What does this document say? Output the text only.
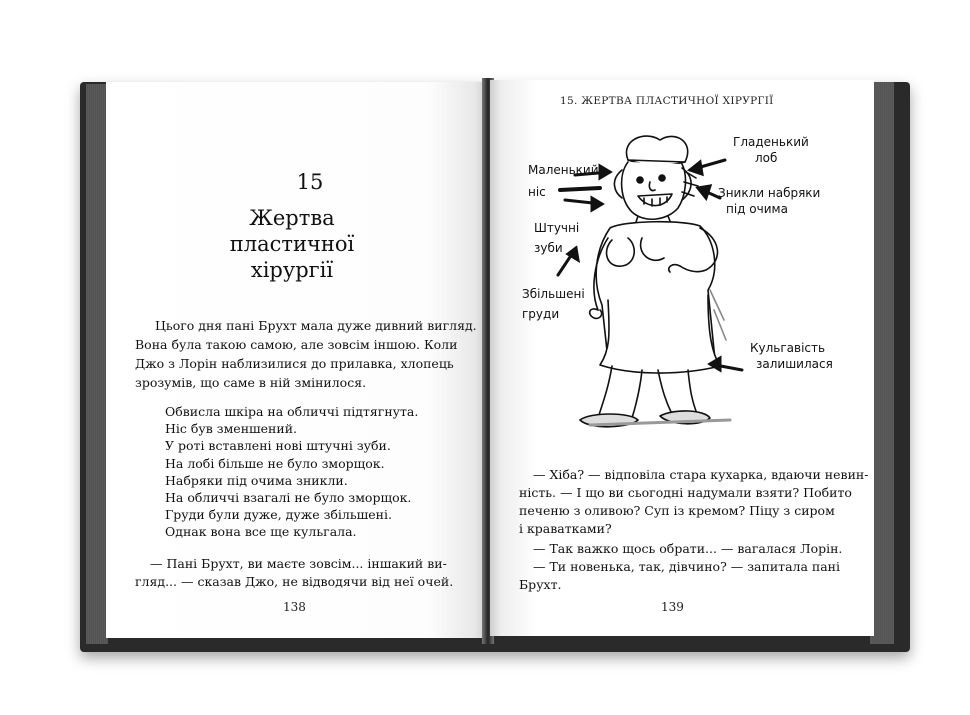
15
Жертва пластичної
хірургії
Цього дня пані Брухт мала дуже дивний вигляд.
Вона була такою самою, але зовсім іншою. Коли
Джо з Лорін наблизилися до прилавка, хлопець
зрозумів, що саме в ній змінилося.
Обвисла шкіра на обличчі підтягнута.
Ніс був зменшений.
У роті вставлені нові штучні зуби.
На лобі більше не було зморщок.
Набряки під очима зникли.
На обличчі взагалі не було зморщок.
Груди були дуже, дуже збільшені.
Однак вона все ще кульгала.
— Пані Брухт, ви маєте зовсім... іншакий ви-
гляд... — сказав Джо, не відводячи від неї очей.
138
15. ЖЕРТВА ПЛАСТИЧНОЇ ХІРУРГІЇ
Гладенький
лоб
Маленький
ніс	Зникли набряки
під очима
Штучні
зуби
Збільшені
груди
Кульгавість
залишилася
— Хіба? — відповіла стара кухарка, вдаючи невин-
ність. — І що ви сьогодні надумали взяти? Побито
печеню з оливою? Суп із кремом? Піцу з сиром
і краватками?
— Так важко щось обрати... — вагалася Лорін.
— Ти новенька, так, дівчино? — запитала пані
Брухт.
139
